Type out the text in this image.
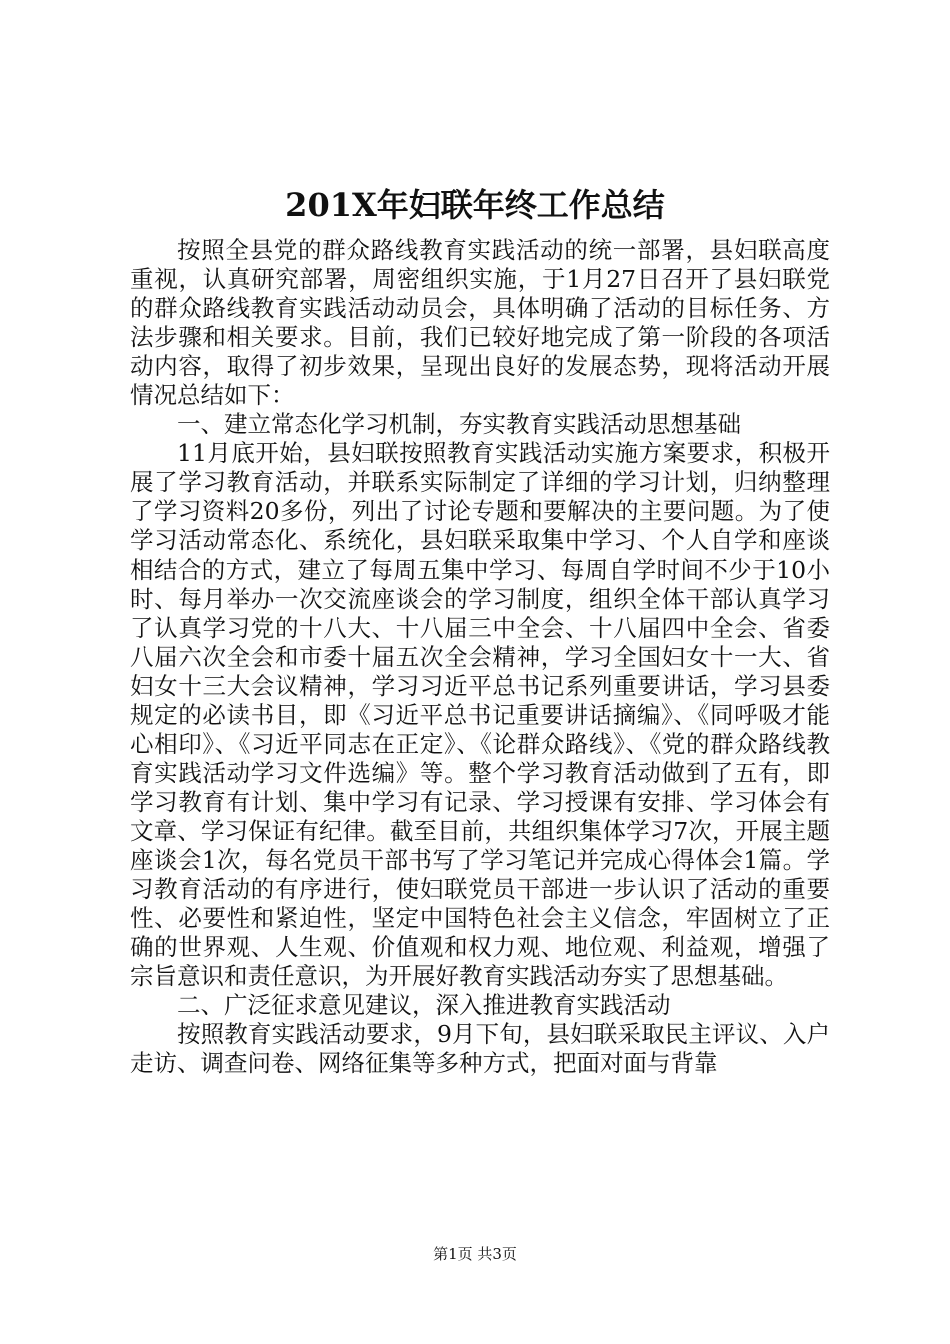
201X年妇联年终工作总结

按照全县党的群众路线教育实践活动的统一部署，县妇联高度重视，认真研究部署，周密组织实施，于1月27日召开了县妇联党的群众路线教育实践活动动员会，具体明确了活动的目标任务、方法步骤和相关要求。目前，我们已较好地完成了第一阶段的各项活动内容，取得了初步效果，呈现出良好的发展态势，现将活动开展情况总结如下：

一、建立常态化学习机制，夯实教育实践活动思想基础

11月底开始，县妇联按照教育实践活动实施方案要求，积极开展了学习教育活动，并联系实际制定了详细的学习计划，归纳整理了学习资料20多份，列出了讨论专题和要解决的主要问题。为了使学习活动常态化、系统化，县妇联采取集中学习、个人自学和座谈相结合的方式，建立了每周五集中学习、每周自学时间不少于10小时、每月举办一次交流座谈会的学习制度，组织全体干部认真学习了认真学习党的十八大、十八届三中全会、十八届四中全会、省委八届六次全会和市委十届五次全会精神，学习全国妇女十一大、省妇女十三大会议精神，学习习近平总书记系列重要讲话，学习县委规定的必读书目，即《习近平总书记重要讲话摘编》、《同呼吸才能心相印》、《习近平同志在正定》、《论群众路线》、《党的群众路线教育实践活动学习文件选编》等。整个学习教育活动做到了五有，即学习教育有计划、集中学习有记录、学习授课有安排、学习体会有文章、学习保证有纪律。截至目前，共组织集体学习7次，开展主题座谈会1次，每名党员干部书写了学习笔记并完成心得体会1篇。学习教育活动的有序进行，使妇联党员干部进一步认识了活动的重要性、必要性和紧迫性，坚定中国特色社会主义信念，牢固树立了正确的世界观、人生观、价值观和权力观、地位观、利益观，增强了宗旨意识和责任意识，为开展好教育实践活动夯实了思想基础。

二、广泛征求意见建议，深入推进教育实践活动

按照教育实践活动要求，9月下旬，县妇联采取民主评议、入户走访、调查问卷、网络征集等多种方式，把面对面与背靠

第1页 共3页
